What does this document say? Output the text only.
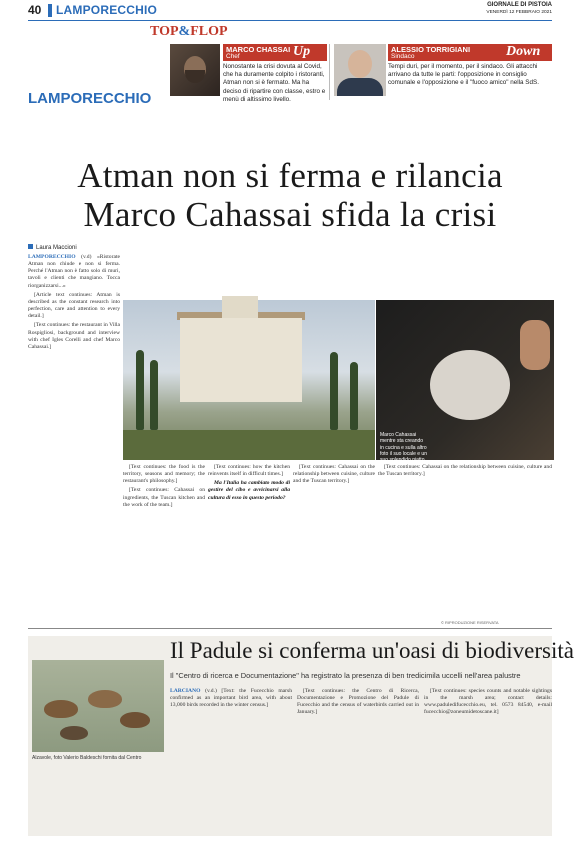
40 LAMPORECCHIO	GIORNALE DI PISTOIA
VENERDÌ 12 FEBBRAIO 2021
TOP&FLOP
LAMPORECCHIO
MARCO CHASSAI
Chef	Up
Nonostante la crisi dovuta al Covid, che ha duramente colpito i ristoranti, Atman non si è fermato. Ma ha deciso di ripartire con classe, estro e menù di altissimo livello.
ALESSIO TORRIGIANI
Sindaco	Down
Tempi duri, per il momento, per il sindaco. Gli attacchi arrivano da tutte le parti: l'opposizione in consiglio comunale e l'opposizione e il "fuoco amico" nella SdS.
Atman non si ferma e rilancia
Marco Cahassai sfida la crisi
Laura Maccioni

LAMPORECCHIO (v.d) «Ristorate Atman non chiude e non si ferma. Perché l'Atman non è fatto solo di muri, tavoli e clienti che mangiano. Tocca riorganizzarsi...»

[Article text continues: Atman is described as the constant research into perfection, care and attention to every detail.]

[Text continues: the restaurant in Villa Rospigliosi, background and interview with chef Igles Corelli and chef Marco Cahassai.]

Marco Cahassai mentre sta creando in cucina e sulla altro foto il suo locale e un suo splendido piatto

[Text continues: the food is the territory, seasons and memory; the restaurant's philosophy.]

[Text continues: Cahassai on ingredients, the Tuscan kitchen and the work of the team.]

[Text continues: how the kitchen reinvents itself in difficult times.]

Ma l'Italia ha cambiato modo di gestire del cibo e avvicinarsi alla cultura di esso in questo periodo?

[Text continues: Cahassai on the relationship between cuisine, culture and the Tuscan territory.]

[Text continues: Cahassai on the relationship between cuisine, culture and the Tuscan territory.]

© RIPRODUZIONE RISERVATA
Il Padule si conferma un'oasi di biodiversità
Il "Centro di ricerca e Documentazione" ha registrato la presenza di ben tredicimila uccelli nell'area palustre
Alzavole, foto Valerio Baldeschi fornita dal Centro

LARCIANO (v.d.) [Text: the Fucecchio marsh confirmed as an important bird area, with about 13,000 birds recorded in the winter census.]

[Text continues: the Centro di Ricerca, Documentazione e Promozione del Padule di Fucecchio and the census of waterbirds carried out in January.]

[Text continues: species counts and notable sightings in the marsh area; contact details: www.paduledifucecchio.eu, tel. 0573 84540, e-mail fucecchio@zoneumidetoscane.it]
